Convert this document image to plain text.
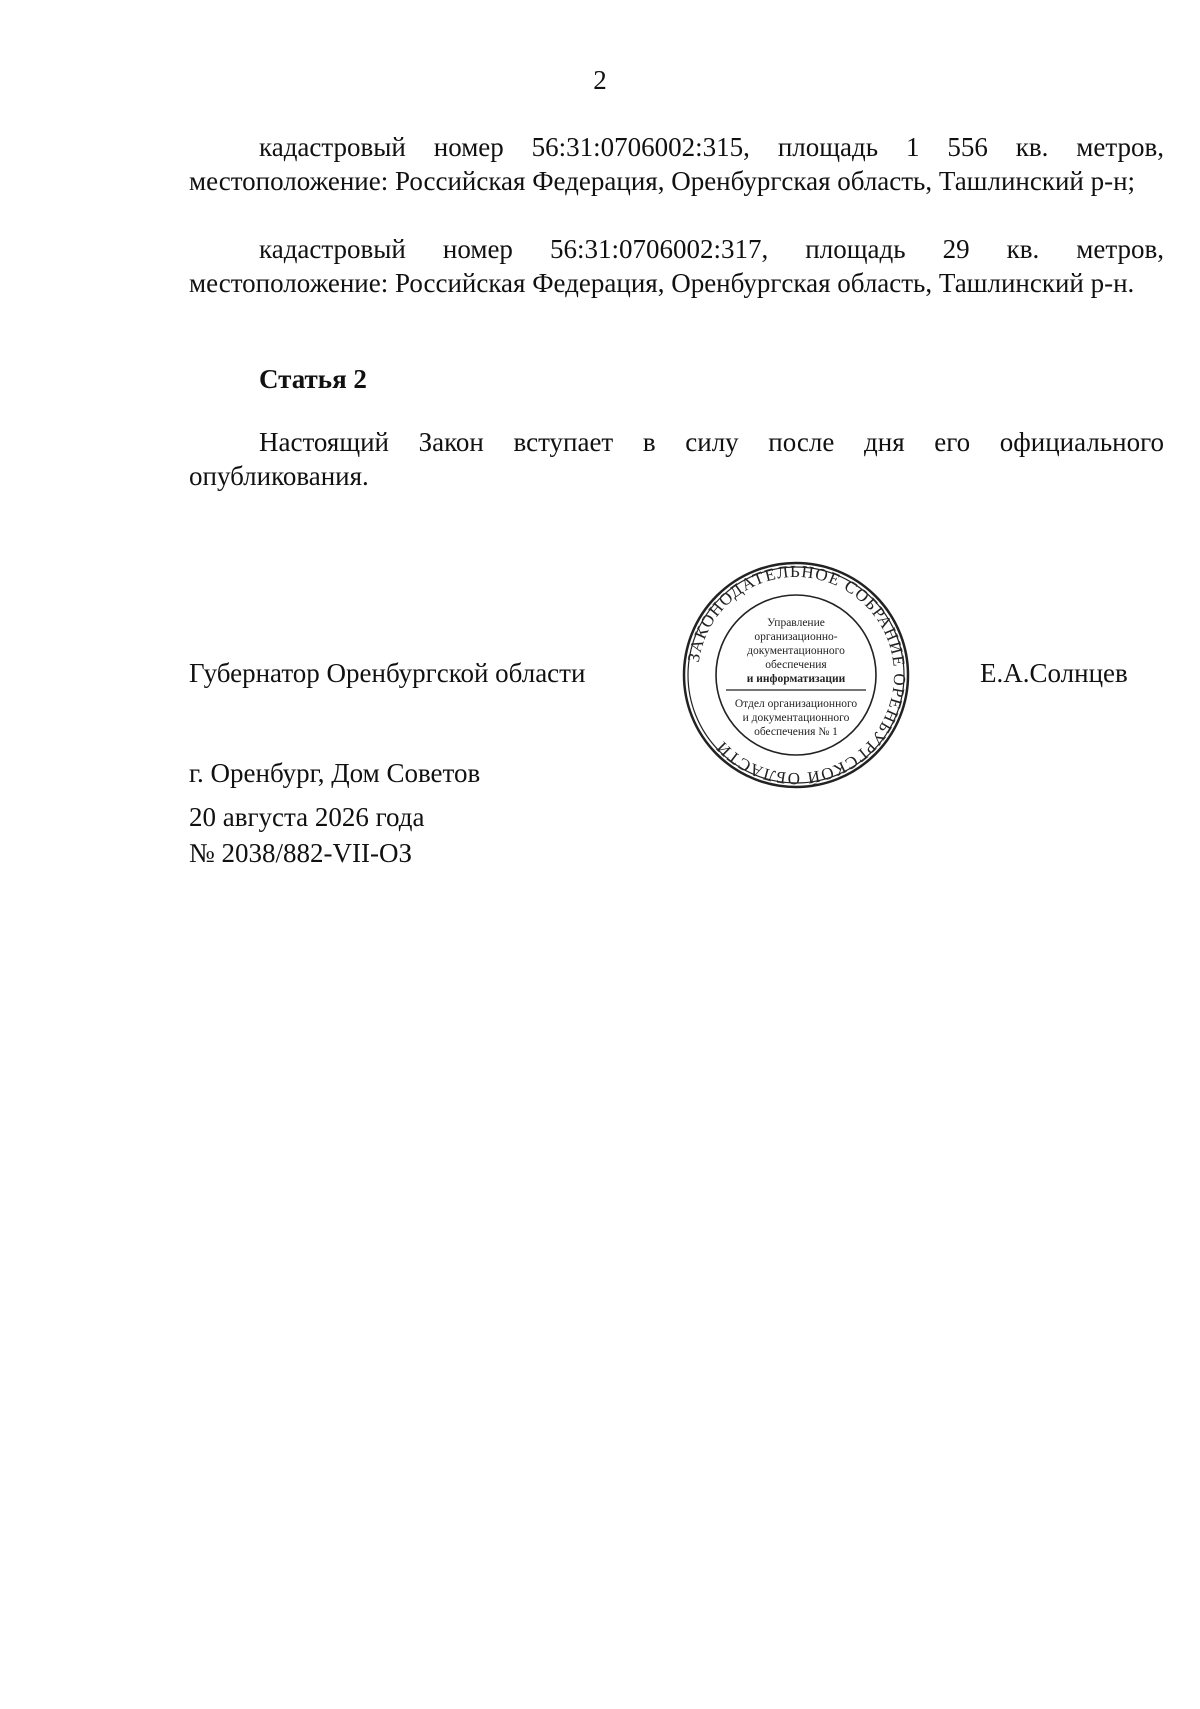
2

кадастровый номер 56:31:0706002:315, площадь 1 556 кв. метров, местоположение: Российская Федерация, Оренбургская область, Ташлинский р-н;

кадастровый номер 56:31:0706002:317, площадь 29 кв. метров, местоположение: Российская Федерация, Оренбургская область, Ташлинский р-н.

Статья 2

Настоящий Закон вступает в силу после дня его официального опубликования.

Губернатор Оренбургской области
ЗАКОНОДАТЕЛЬНОЕ СОБРАНИЕ ОРЕНБУРГСКОЙ ОБЛАСТИ
Управление
организационно-
документационного
обеспечения
и информатизации
Отдел организационного
и документационного
обеспечения № 1
Е.А.Солнцев
г. Оренбург, Дом Советов
20 августа 2026 года
№ 2038/882-VII-ОЗ
